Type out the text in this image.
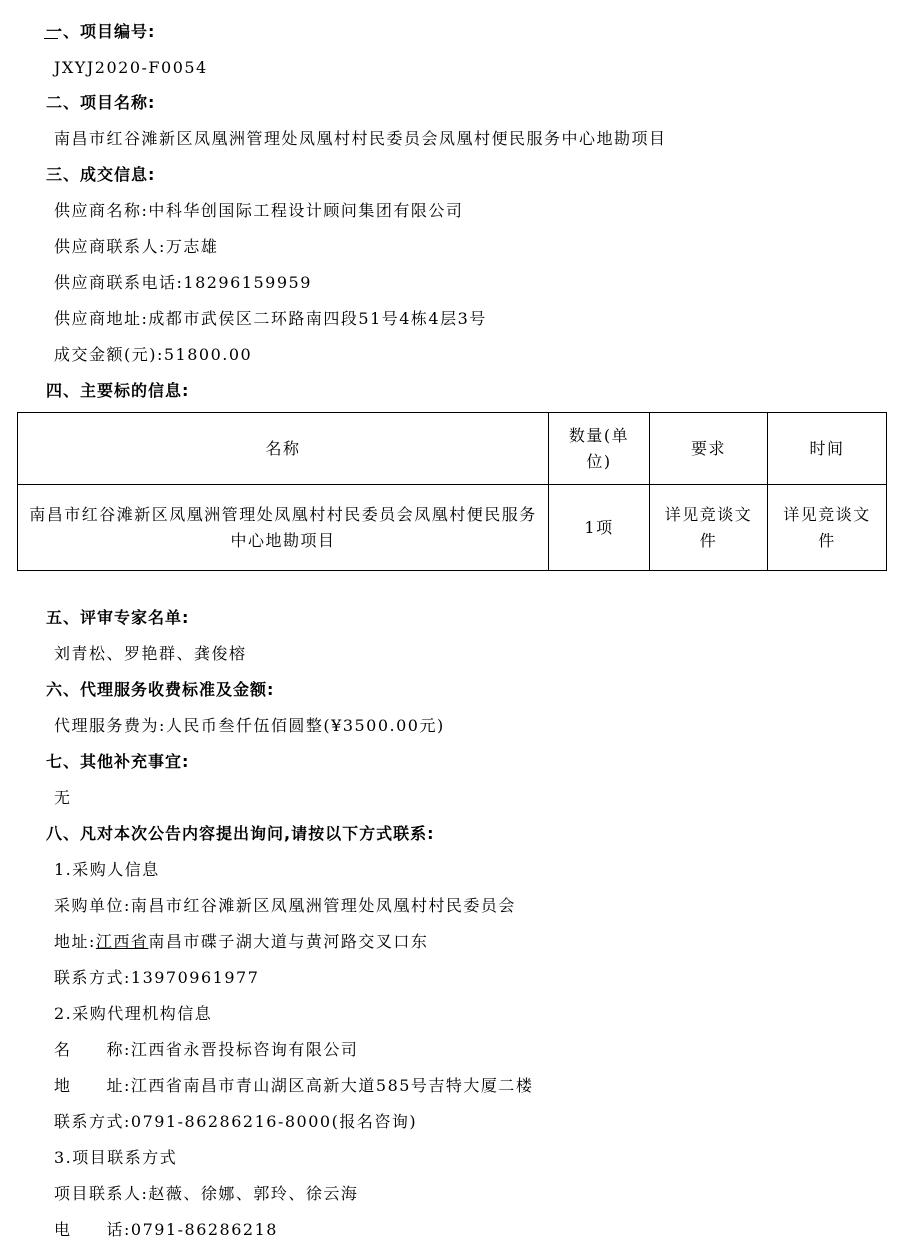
一、项目编号:
JXYJ2020-F0054
二、项目名称:
南昌市红谷滩新区凤凰洲管理处凤凰村村民委员会凤凰村便民服务中心地勘项目
三、成交信息:
供应商名称:中科华创国际工程设计顾问集团有限公司
供应商联系人:万志雄
供应商联系电话:18296159959
供应商地址:成都市武侯区二环路南四段51号4栋4层3号
成交金额(元):51800.00
四、主要标的信息:
名称	数量(单位)	要求	时间
南昌市红谷滩新区凤凰洲管理处凤凰村村民委员会凤凰村便民服务中心地勘项目	1项	详见竞谈文件	详见竞谈文件
五、评审专家名单:
刘青松、罗艳群、龚俊榕
六、代理服务收费标准及金额:
代理服务费为:人民币叁仟伍佰圆整(¥3500.00元)
七、其他补充事宜:
无
八、凡对本次公告内容提出询问,请按以下方式联系:
1.采购人信息
采购单位:南昌市红谷滩新区凤凰洲管理处凤凰村村民委员会
地址:江西省南昌市碟子湖大道与黄河路交叉口东
联系方式:13970961977
2.采购代理机构信息
名　　称:江西省永晋投标咨询有限公司
地　　址:江西省南昌市青山湖区高新大道585号吉特大厦二楼
联系方式:0791-86286216-8000(报名咨询)
3.项目联系方式
项目联系人:赵薇、徐娜、郭玲、徐云海
电　　话:0791-86286218
